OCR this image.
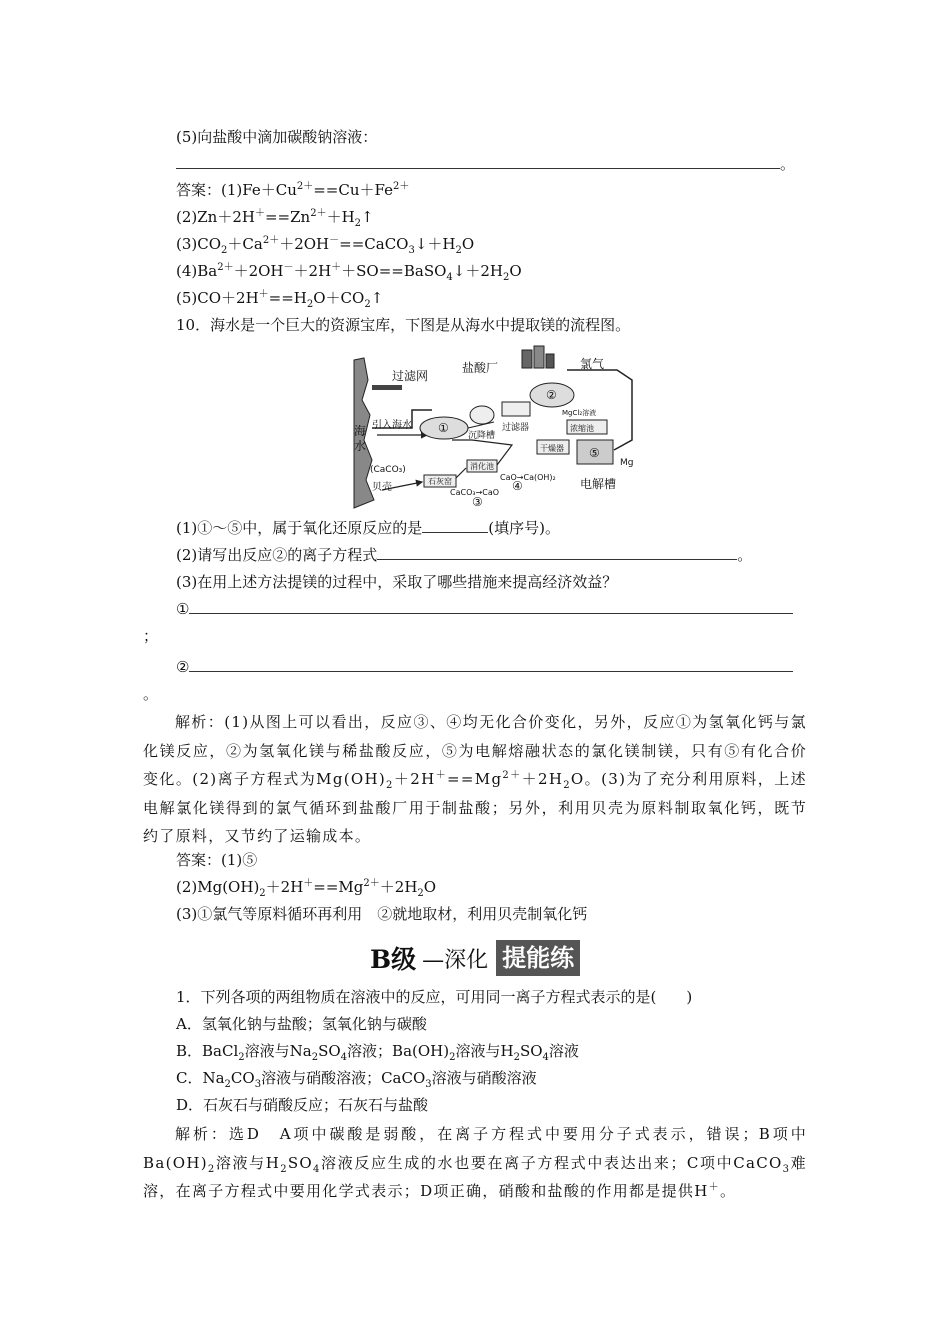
(5)向盐酸中滴加碳酸钠溶液：
。
答案：$(1)Fe+Cu^{2+}==Cu+Fe^{2+}$
$(2)Zn+2H^+==Zn^{2+}+H_2↑$
$(3)CO_2+Ca^{2+}+2OH^-==CaCO_3↓+H_2O$
$(4)Ba^{2+}+2OH^-+2H^++SO==BaSO_4↓+2H_2O$
$(5)CO+2H^+==H_2O+CO_2↑$
10．海水是一个巨大的资源宝库，下图是从海水中提取镁的流程图。
盐酸厂	氯气
过滤网
海
水
引入海水 ①
②
③
④
⑤
沉降槽
过滤器
MgCl₂溶液
浓缩池
干燥器
Mg
电解槽
(CaCO₃)
贝壳
石灰窑
消化池
CaO→Ca(OH)₂
CaCO₃→CaO
(1)①～⑤中，属于氧化还原反应的是	(填序号)。
(2)请写出反应②的离子方程式	。
(3)在用上述方法提镁的过程中，采取了哪些措施来提高经济效益？
①
；
②
。
解析：(1)从图上可以看出，反应③、④均无化合价变化，另外，反应①为氢氧化钙与氯化镁反应，②为氢氧化镁与稀盐酸反应，⑤为电解熔融状态的氯化镁制镁，只有⑤有化合价变化。(2)离子方程式为$Mg(OH)_2+2H^+==Mg^{2+}+2H_2O$。(3)为了充分利用原料，上述电解氯化镁得到的氯气循环到盐酸厂用于制盐酸；另外，利用贝壳为原料制取氧化钙，既节约了原料，又节约了运输成本。
答案：(1)⑤
$(2)Mg(OH)_2+2H^+==Mg^{2+}+2H_2O$
(3)①氯气等原料循环再利用　②就地取材，利用贝壳制氧化钙
B级 —深化 提能练
1．下列各项的两组物质在溶液中的反应，可用同一离子方程式表示的是(　　)
A．氢氧化钠与盐酸；氢氧化钠与碳酸
B．BaCl$_2$溶液与$Na_2SO_4$溶液；$Ba(OH)_2$溶液与$H_2SO_4$溶液
C．$Na_2CO_3$溶液与硝酸溶液；CaCO$_3$溶液与硝酸溶液
D．石灰石与硝酸反应；石灰石与盐酸
解析：选D　A项中碳酸是弱酸，在离子方程式中要用分子式表示，错误；B项中$Ba(OH)_2$溶液与$H_2SO_4$溶液反应生成的水也要在离子方程式中表达出来；C项中CaCO$_3$难溶，在离子方程式中要用化学式表示；D项正确，硝酸和盐酸的作用都是提供H＋。
